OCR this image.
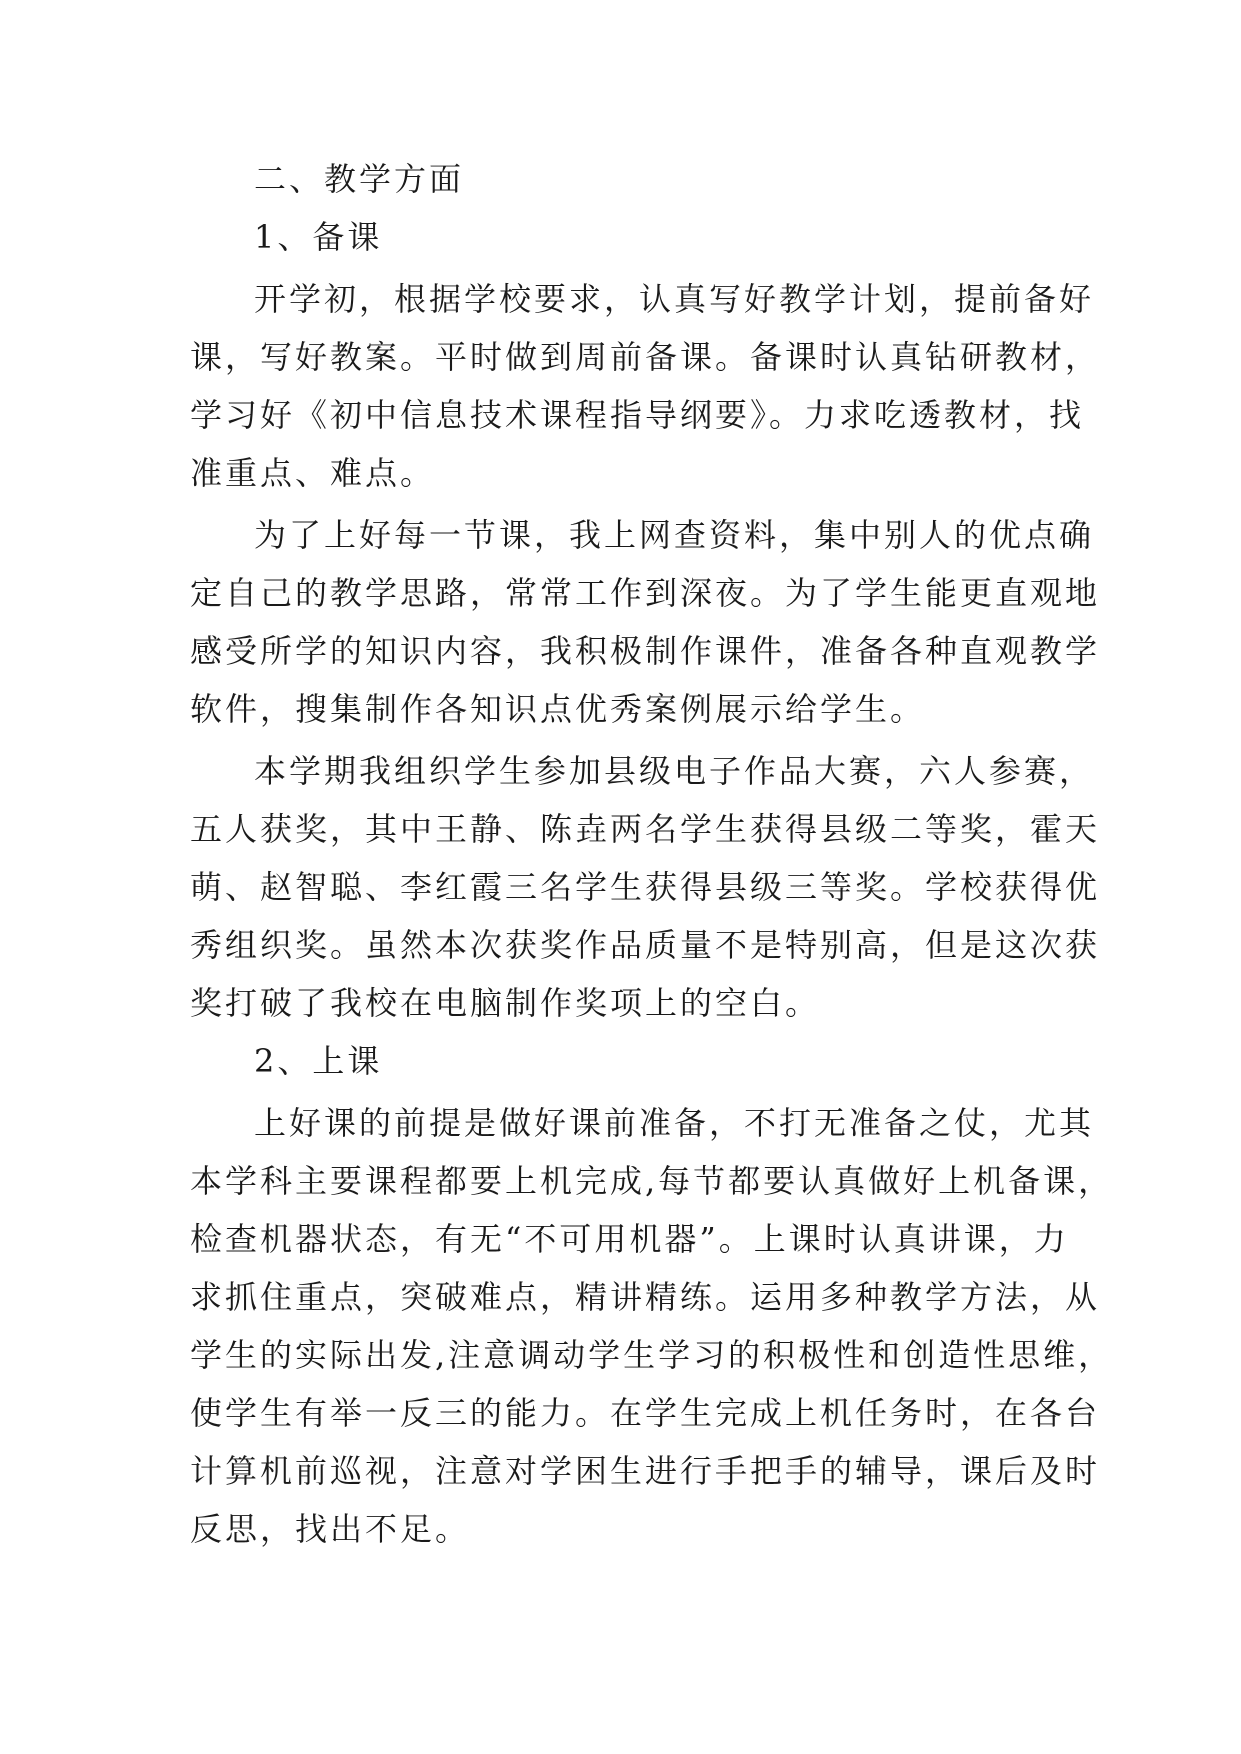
二、教学方面
1、备课
开学初，根据学校要求，认真写好教学计划，提前备好
课，写好教案。平时做到周前备课。备课时认真钻研教材，
学习好《初中信息技术课程指导纲要》。力求吃透教材，找
准重点、难点。
为了上好每一节课，我上网查资料，集中别人的优点确
定自己的教学思路，常常工作到深夜。为了学生能更直观地
感受所学的知识内容，我积极制作课件，准备各种直观教学
软件，搜集制作各知识点优秀案例展示给学生。
本学期我组织学生参加县级电子作品大赛，六人参赛，
五人获奖，其中王静、陈垚两名学生获得县级二等奖，霍天
萌、赵智聪、李红霞三名学生获得县级三等奖。学校获得优
秀组织奖。虽然本次获奖作品质量不是特别高，但是这次获
奖打破了我校在电脑制作奖项上的空白。
2、上课
上好课的前提是做好课前准备，不打无准备之仗，尤其
本学科主要课程都要上机完成,每节都要认真做好上机备课，
检查机器状态，有无“不可用机器”。上课时认真讲课，力
求抓住重点，突破难点，精讲精练。运用多种教学方法，从
学生的实际出发,注意调动学生学习的积极性和创造性思维，
使学生有举一反三的能力。在学生完成上机任务时，在各台
计算机前巡视，注意对学困生进行手把手的辅导，课后及时
反思，找出不足。
